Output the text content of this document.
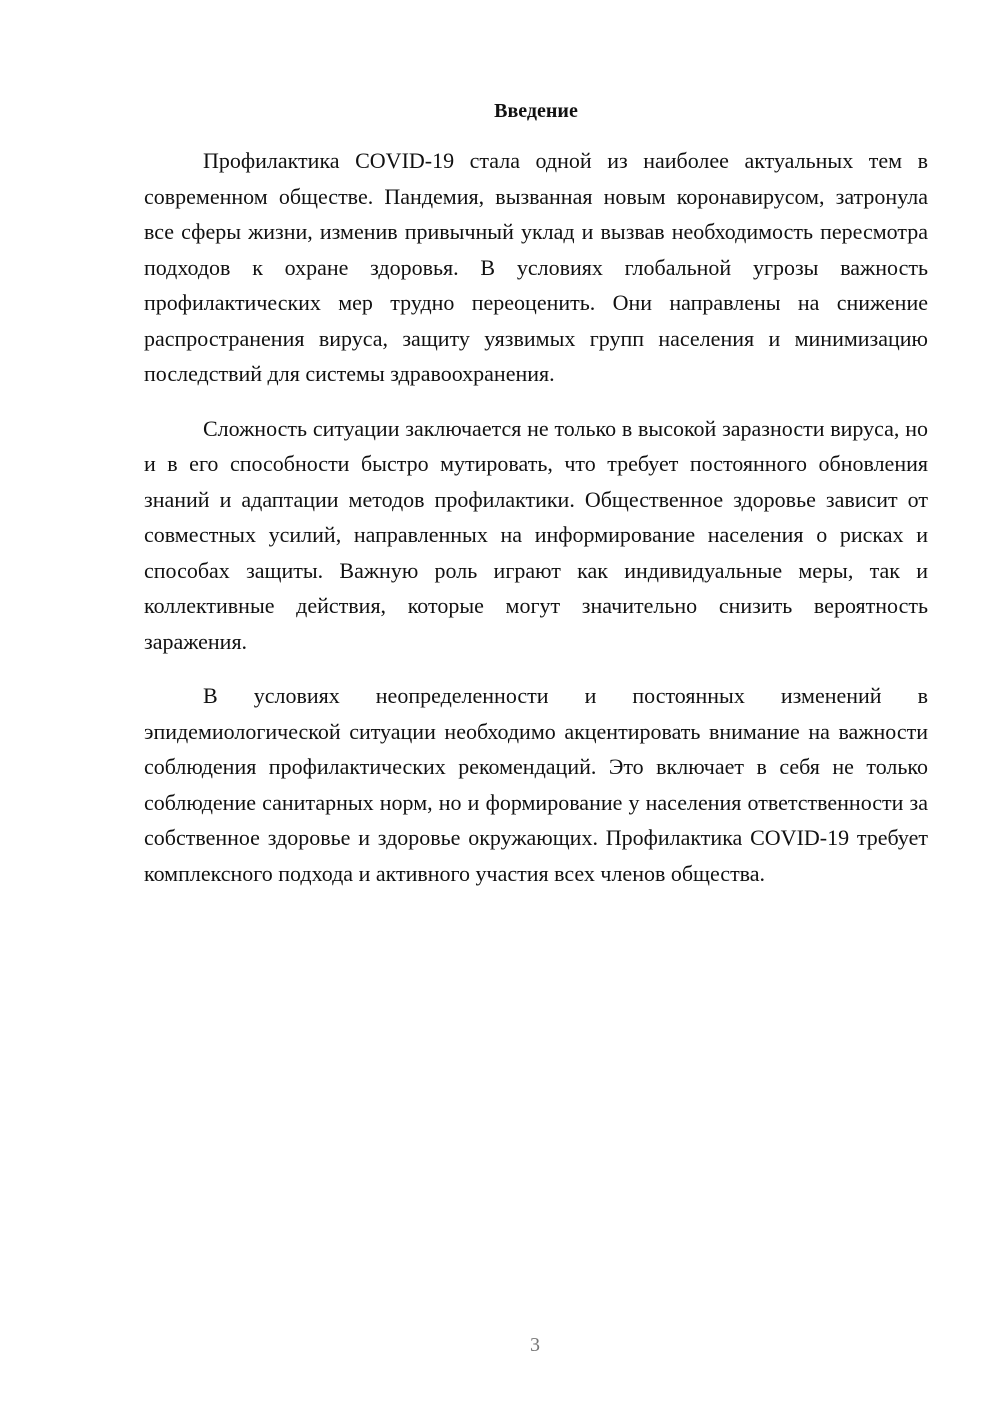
Введение

Профилактика COVID-19 стала одной из наиболее актуальных тем в современном обществе. Пандемия, вызванная новым коронавирусом, затронула все сферы жизни, изменив привычный уклад и вызвав необходимость пересмотра подходов к охране здоровья. В условиях глобальной угрозы важность профилактических мер трудно переоценить. Они направлены на снижение распространения вируса, защиту уязвимых групп населения и минимизацию последствий для системы здравоохранения.

Сложность ситуации заключается не только в высокой заразности вируса, но и в его способности быстро мутировать, что требует постоянного обновления знаний и адаптации методов профилактики. Общественное здоровье зависит от совместных усилий, направленных на информирование населения о рисках и способах защиты. Важную роль играют как индивидуальные меры, так и коллективные действия, которые могут значительно снизить вероятность заражения.

В условиях неопределенности и постоянных изменений в эпидемиологической ситуации необходимо акцентировать внимание на важности соблюдения профилактических рекомендаций. Это включает в себя не только соблюдение санитарных норм, но и формирование у населения ответственности за собственное здоровье и здоровье окружающих. Профилактика COVID-19 требует комплексного подхода и активного участия всех членов общества.

3
